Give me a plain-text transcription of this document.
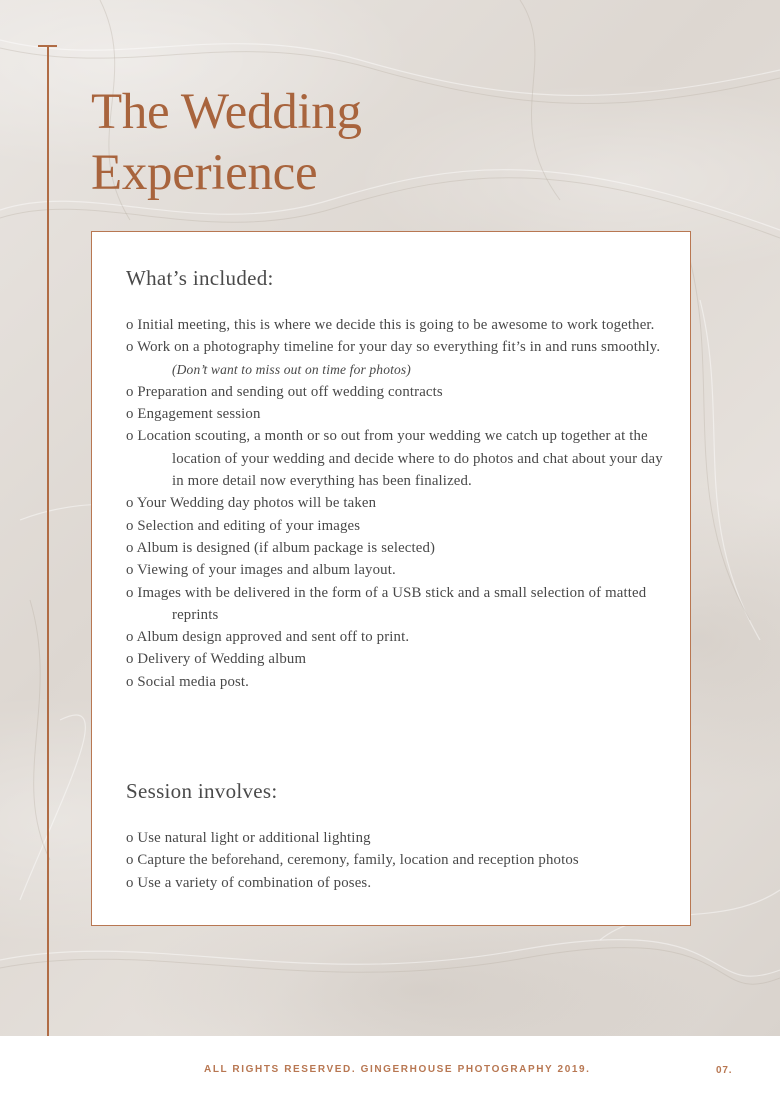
The Wedding
Experience
What’s included:
o Initial meeting, this is where we decide this is going to be awesome to work together.
o Work on a photography timeline for your day so everything fit’s in and runs smoothly. (Don’t want to miss out on time for photos)
o Preparation and sending out off wedding contracts
o Engagement session
o Location scouting, a month or so out from your wedding we catch up together at the location of your wedding and decide where to do photos and chat about your day in more detail now everything has been finalized.
o Your Wedding day photos will be taken
o Selection and editing of your images
o Album is designed (if album package is selected)
o Viewing of your images and album layout.
o Images with be delivered in the form of a USB stick and a small selection of matted reprints
o Album design approved and sent off to print.
o Delivery of Wedding album
o Social media post.
Session involves:
o Use natural light or additional lighting
o Capture the beforehand, ceremony, family, location and reception photos
o Use a variety of combination of poses.
ALL RIGHTS RESERVED. GINGERHOUSE PHOTOGRAPHY 2019.	07.
